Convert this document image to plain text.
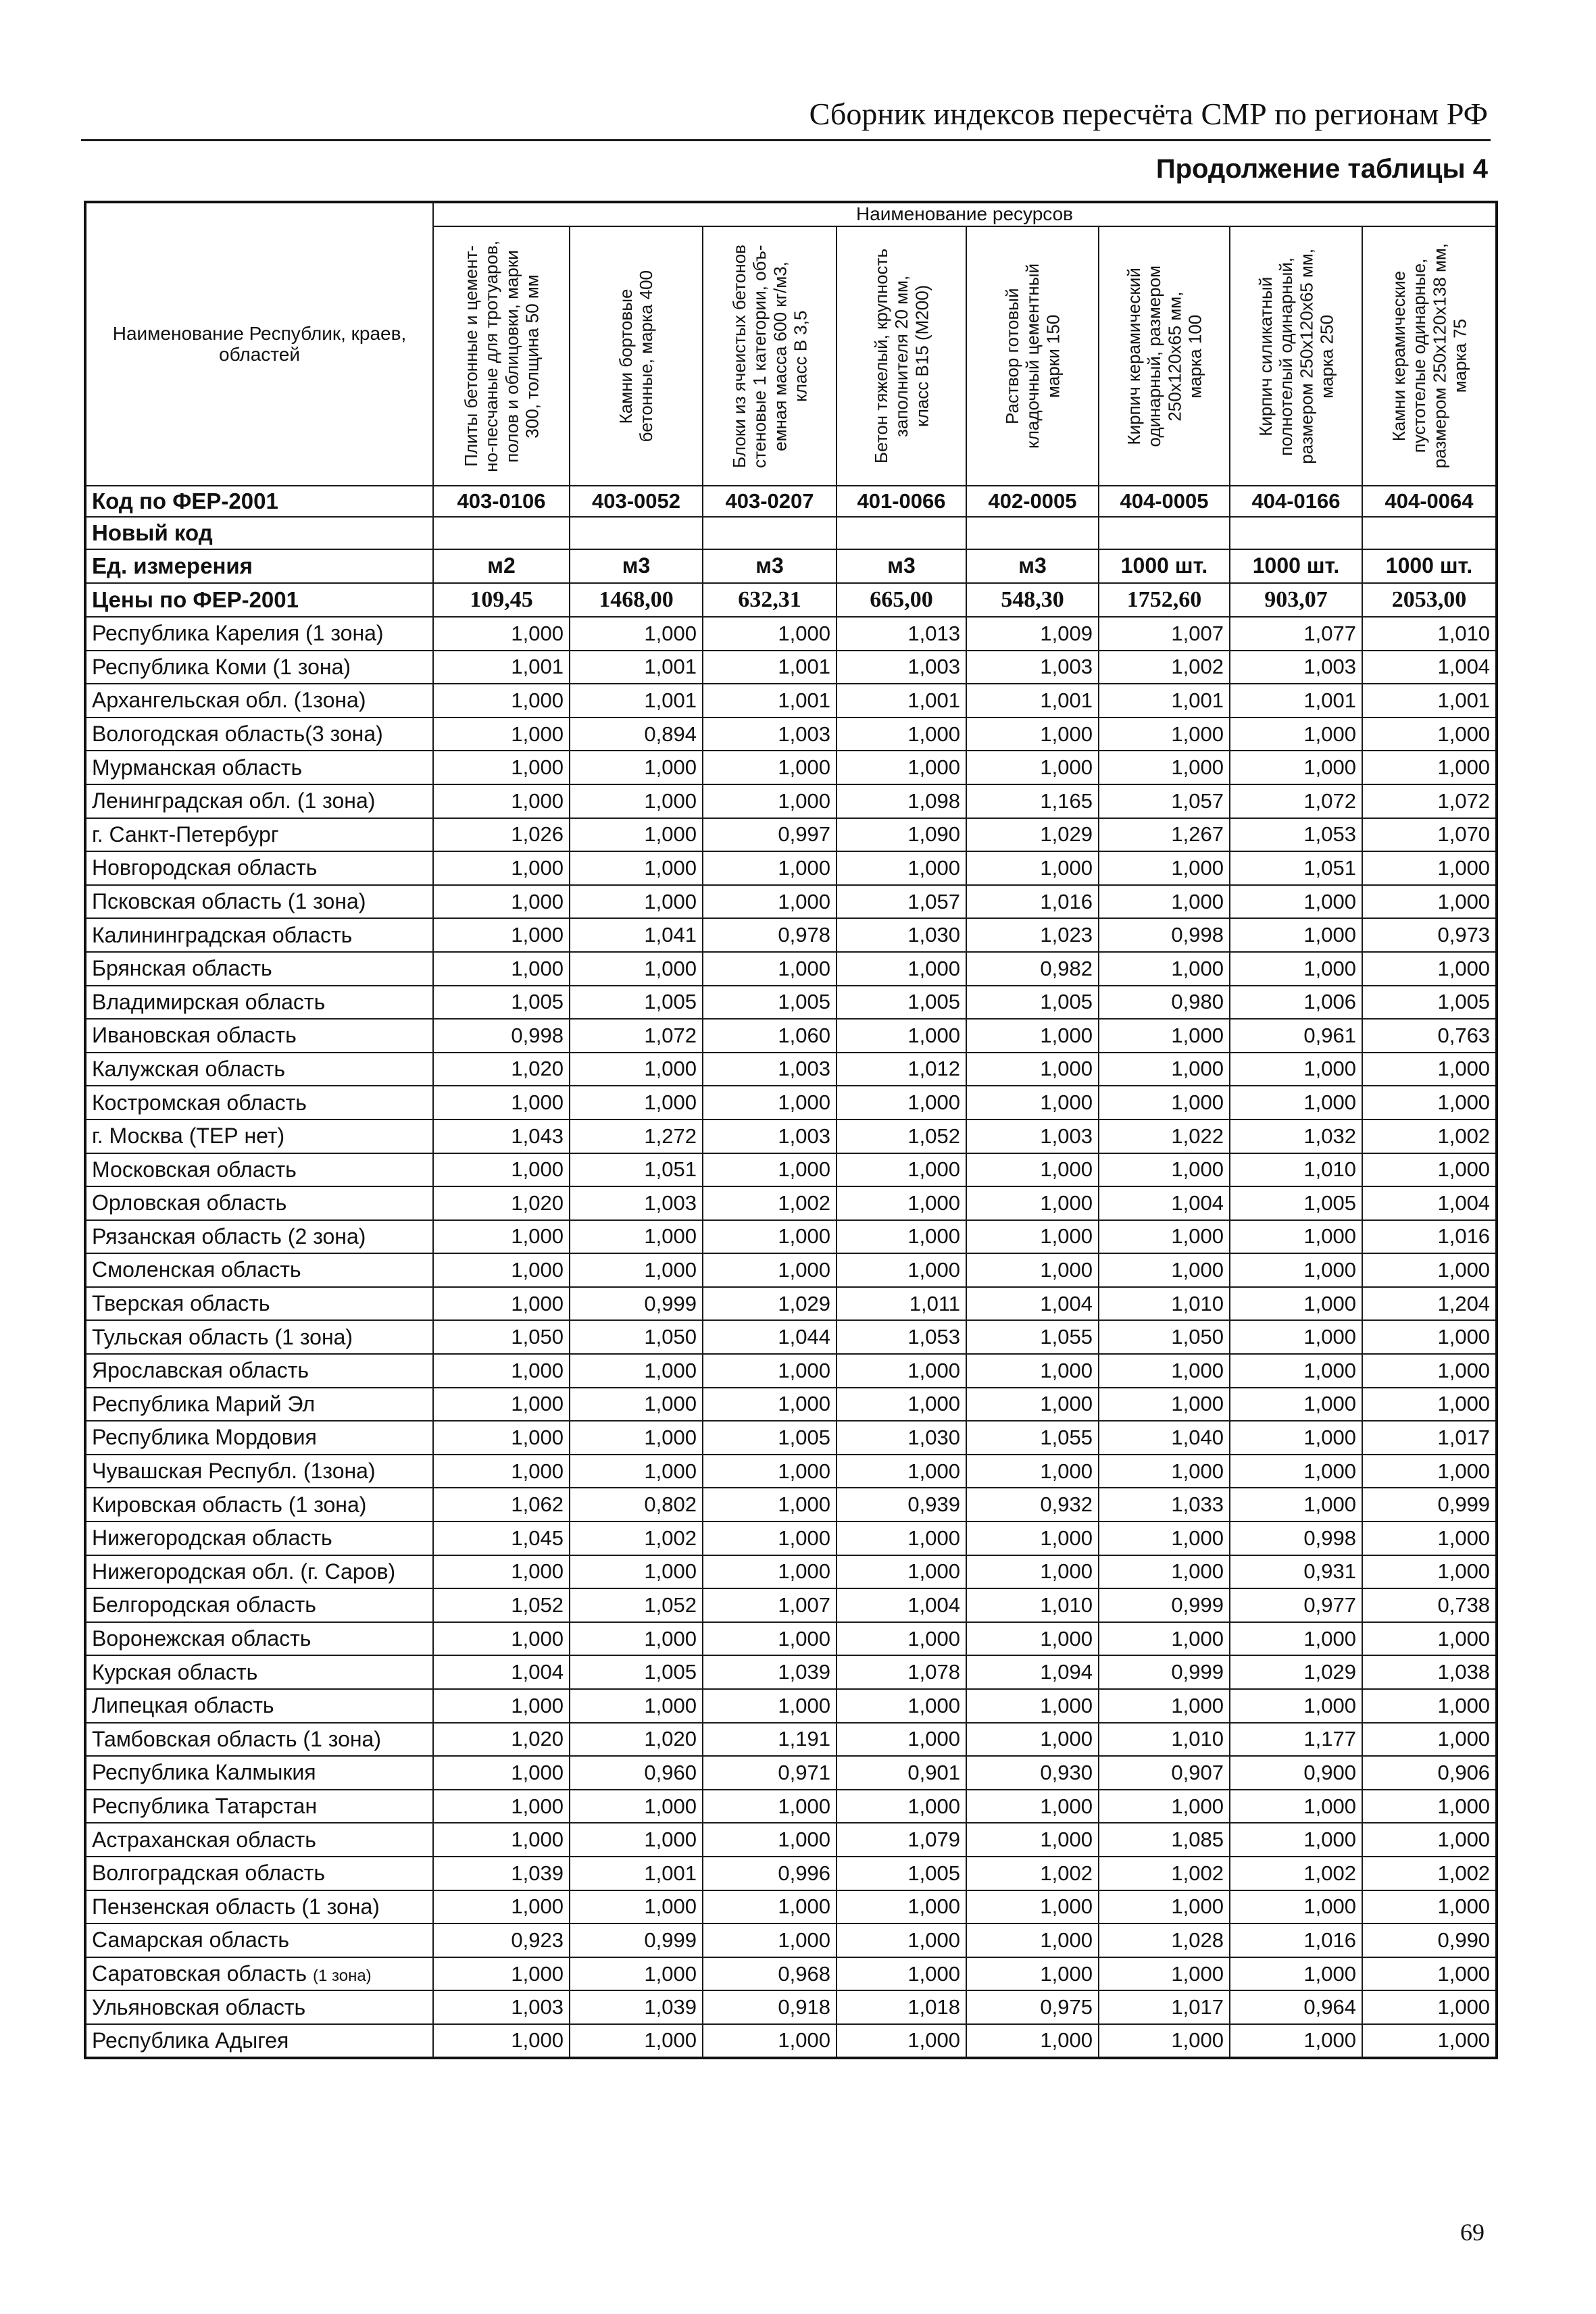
Сборник индексов пересчёта СМР по регионам РФ
Продолжение таблицы 4
Наименование Республик, краев,
областей	Наименование ресурсов							

	Плиты бетонные и цемент- но-песчаные для тротуаров, полов и облицовки, марки 300, толщина 50 мм	Камни бортовые бетонные, марка 400	Блоки из ячеистых бетонов стеновые 1 категории, объ- емная масса 600 кг/м3, класс В 3,5	Бетон тяжелый, крупность заполнителя 20 мм, класс В15 (М200)	Раствор готовый кладочный цементный марки 150	Кирпич керамический одинарный, размером 250х120х65 мм, марка 100	Кирпич силикатный полнотелый одинарный, размером 250х120х65 мм, марка 250	Камни керамические пустотелые одинарные, размером 250х120х138 мм, марка 75

Код по ФЕР-2001	403-0106	403-0052	403-0207	401-0066	402-0005	404-0005	404-0166	404-0064
Новый код								
Ед. измерения	м2	м3	м3	м3	м3	1000 шт.	1000 шт.	1000 шт.
Цены по ФЕР-2001	109,45	1468,00	632,31	665,00	548,30	1752,60	903,07	2053,00
Республика Карелия (1 зона)	1,000	1,000	1,000	1,013	1,009	1,007	1,077	1,010
Республика Коми (1 зона)	1,001	1,001	1,001	1,003	1,003	1,002	1,003	1,004
Архангельская обл. (1зона)	1,000	1,001	1,001	1,001	1,001	1,001	1,001	1,001
Вологодская область(3 зона)	1,000	0,894	1,003	1,000	1,000	1,000	1,000	1,000
Мурманская область	1,000	1,000	1,000	1,000	1,000	1,000	1,000	1,000
Ленинградская обл. (1 зона)	1,000	1,000	1,000	1,098	1,165	1,057	1,072	1,072
г. Санкт-Петербург	1,026	1,000	0,997	1,090	1,029	1,267	1,053	1,070
Новгородская область	1,000	1,000	1,000	1,000	1,000	1,000	1,051	1,000
Псковская область (1 зона)	1,000	1,000	1,000	1,057	1,016	1,000	1,000	1,000
Калининградская область	1,000	1,041	0,978	1,030	1,023	0,998	1,000	0,973
Брянская область	1,000	1,000	1,000	1,000	0,982	1,000	1,000	1,000
Владимирская область	1,005	1,005	1,005	1,005	1,005	0,980	1,006	1,005
Ивановская область	0,998	1,072	1,060	1,000	1,000	1,000	0,961	0,763
Калужская область	1,020	1,000	1,003	1,012	1,000	1,000	1,000	1,000
Костромская область	1,000	1,000	1,000	1,000	1,000	1,000	1,000	1,000
г. Москва (ТЕР нет)	1,043	1,272	1,003	1,052	1,003	1,022	1,032	1,002
Московская область	1,000	1,051	1,000	1,000	1,000	1,000	1,010	1,000
Орловская область	1,020	1,003	1,002	1,000	1,000	1,004	1,005	1,004
Рязанская область (2 зона)	1,000	1,000	1,000	1,000	1,000	1,000	1,000	1,016
Смоленская область	1,000	1,000	1,000	1,000	1,000	1,000	1,000	1,000
Тверская область	1,000	0,999	1,029	1,011	1,004	1,010	1,000	1,204
Тульская область (1 зона)	1,050	1,050	1,044	1,053	1,055	1,050	1,000	1,000
Ярославская область	1,000	1,000	1,000	1,000	1,000	1,000	1,000	1,000
Республика Марий Эл	1,000	1,000	1,000	1,000	1,000	1,000	1,000	1,000
Республика Мордовия	1,000	1,000	1,005	1,030	1,055	1,040	1,000	1,017
Чувашская Республ. (1зона)	1,000	1,000	1,000	1,000	1,000	1,000	1,000	1,000
Кировская область (1 зона)	1,062	0,802	1,000	0,939	0,932	1,033	1,000	0,999
Нижегородская область	1,045	1,002	1,000	1,000	1,000	1,000	0,998	1,000
Нижегородская обл. (г. Саров)	1,000	1,000	1,000	1,000	1,000	1,000	0,931	1,000
Белгородская область	1,052	1,052	1,007	1,004	1,010	0,999	0,977	0,738
Воронежская область	1,000	1,000	1,000	1,000	1,000	1,000	1,000	1,000
Курская область	1,004	1,005	1,039	1,078	1,094	0,999	1,029	1,038
Липецкая область	1,000	1,000	1,000	1,000	1,000	1,000	1,000	1,000
Тамбовская область (1 зона)	1,020	1,020	1,191	1,000	1,000	1,010	1,177	1,000
Республика Калмыкия	1,000	0,960	0,971	0,901	0,930	0,907	0,900	0,906
Республика Татарстан	1,000	1,000	1,000	1,000	1,000	1,000	1,000	1,000
Астраханская область	1,000	1,000	1,000	1,079	1,000	1,085	1,000	1,000
Волгоградская область	1,039	1,001	0,996	1,005	1,002	1,002	1,002	1,002
Пензенская область (1 зона)	1,000	1,000	1,000	1,000	1,000	1,000	1,000	1,000
Самарская область	0,923	0,999	1,000	1,000	1,000	1,028	1,016	0,990
Саратовская область (1 зона)	1,000	1,000	0,968	1,000	1,000	1,000	1,000	1,000
Ульяновская область	1,003	1,039	0,918	1,018	0,975	1,017	0,964	1,000
Республика Адыгея	1,000	1,000	1,000	1,000	1,000	1,000	1,000	1,000
69
